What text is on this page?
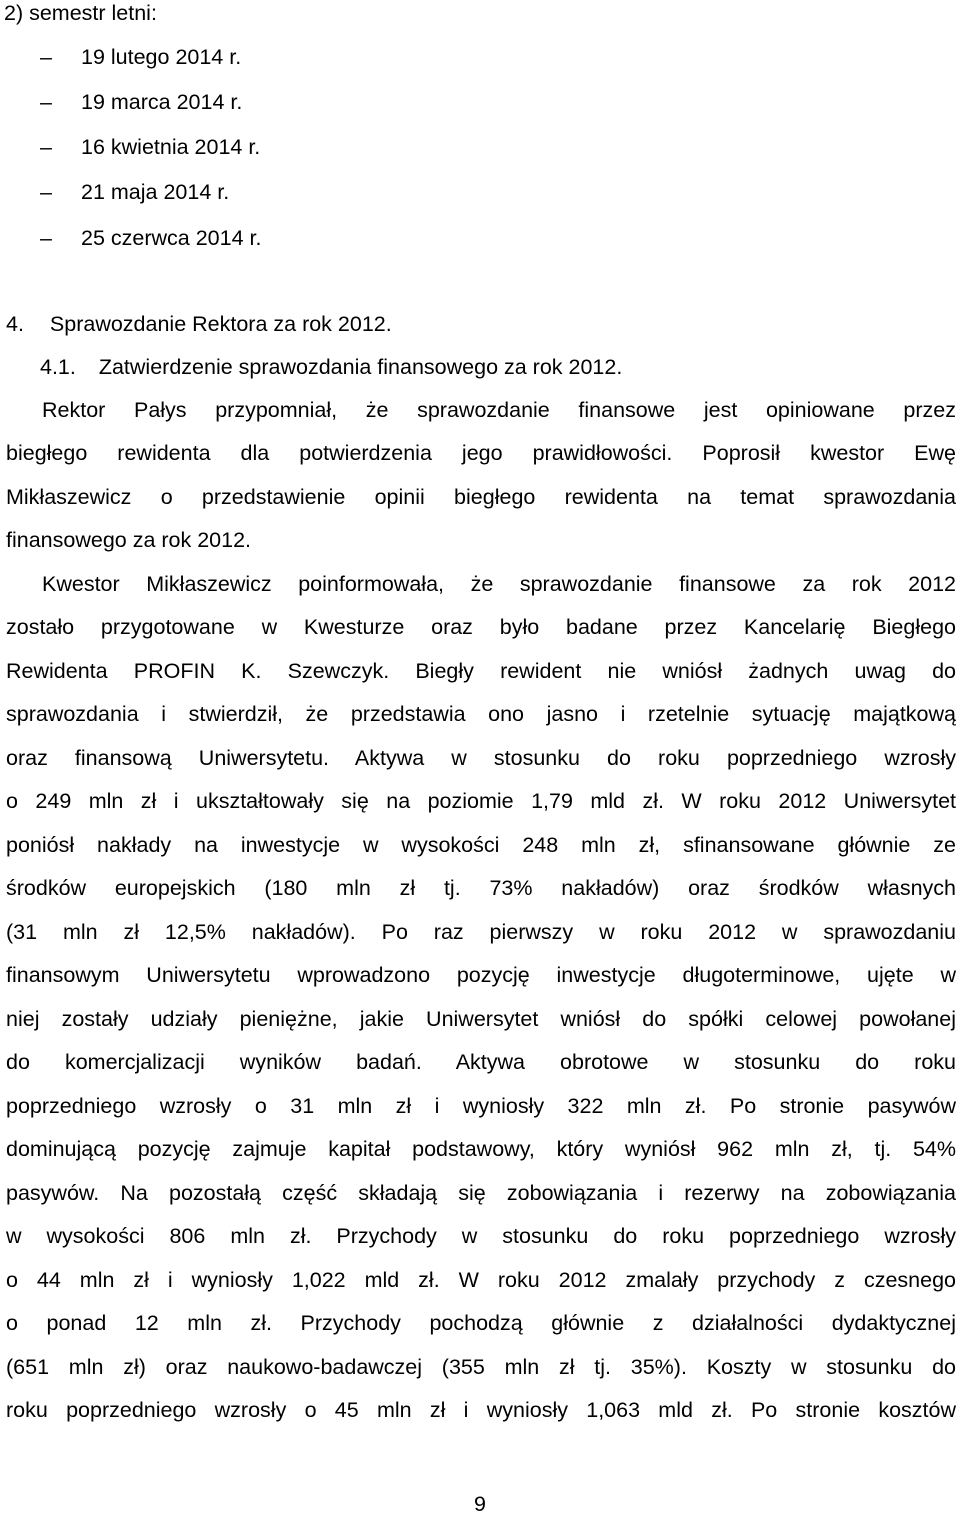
2) semestr letni:
–	19 lutego 2014 r.
–	19 marca 2014 r.
–	16 kwietnia 2014 r.
–	21 maja 2014 r.
–	25 czerwca 2014 r.
4. Sprawozdanie Rektora za rok 2012.
4.1. Zatwierdzenie sprawozdania finansowego za rok 2012.
Rektor Pałys przypomniał, że sprawozdanie finansowe jest opiniowane przez
biegłego rewidenta dla potwierdzenia jego prawidłowości. Poprosił kwestor Ewę
Mikłaszewicz o przedstawienie opinii biegłego rewidenta na temat sprawozdania
finansowego za rok 2012.
Kwestor Mikłaszewicz poinformowała, że sprawozdanie finansowe za rok 2012
zostało przygotowane w Kwesturze oraz było badane przez Kancelarię Biegłego
Rewidenta PROFIN K. Szewczyk. Biegły rewident nie wniósł żadnych uwag do
sprawozdania i stwierdził, że przedstawia ono jasno i rzetelnie sytuację majątkową
oraz finansową Uniwersytetu. Aktywa w stosunku do roku poprzedniego wzrosły
o 249 mln zł i ukształtowały się na poziomie 1,79 mld zł. W roku 2012 Uniwersytet
poniósł nakłady na inwestycje w wysokości 248 mln zł, sfinansowane głównie ze
środków europejskich (180 mln zł tj. 73% nakładów) oraz środków własnych
(31 mln zł 12,5% nakładów). Po raz pierwszy w roku 2012 w sprawozdaniu
finansowym Uniwersytetu wprowadzono pozycję inwestycje długoterminowe, ujęte w
niej zostały udziały pieniężne, jakie Uniwersytet wniósł do spółki celowej powołanej
do komercjalizacji wyników badań. Aktywa obrotowe w stosunku do roku
poprzedniego wzrosły o 31 mln zł i wyniosły 322 mln zł. Po stronie pasywów
dominującą pozycję zajmuje kapitał podstawowy, który wyniósł 962 mln zł, tj. 54%
pasywów. Na pozostałą część składają się zobowiązania i rezerwy na zobowiązania
w wysokości 806 mln zł. Przychody w stosunku do roku poprzedniego wzrosły
o 44 mln zł i wyniosły 1,022 mld zł. W roku 2012 zmalały przychody z czesnego
o ponad 12 mln zł. Przychody pochodzą głównie z działalności dydaktycznej
(651 mln zł) oraz naukowo-badawczej (355 mln zł tj. 35%). Koszty w stosunku do
roku poprzedniego wzrosły o 45 mln zł i wyniosły 1,063 mld zł. Po stronie kosztów
9
